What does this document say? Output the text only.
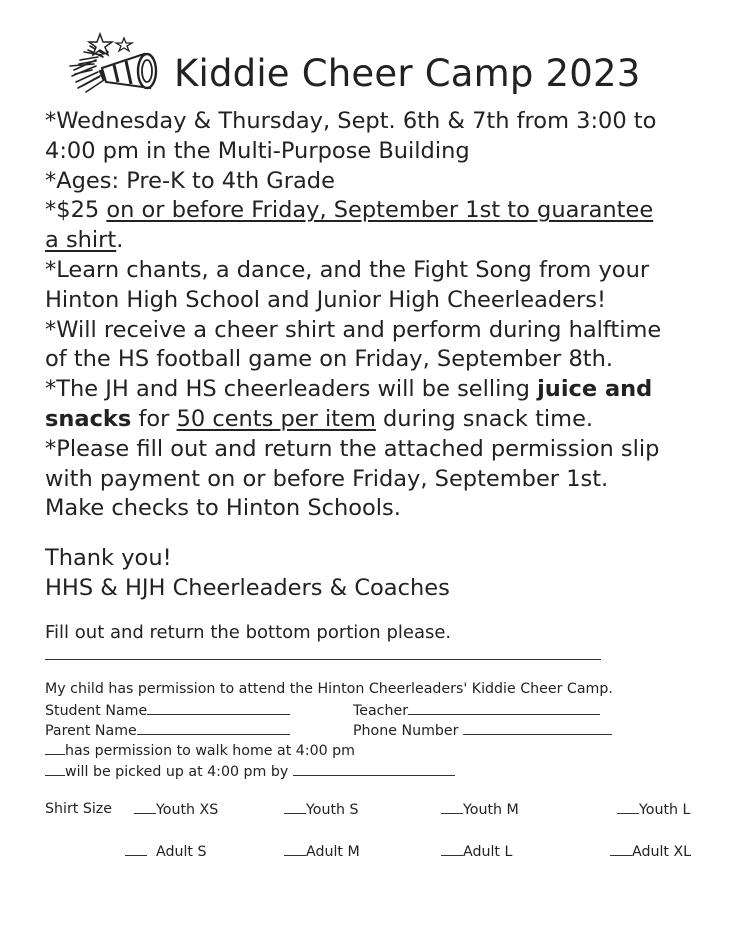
Kiddie Cheer Camp 2023
*Wednesday & Thursday, Sept. 6th & 7th from 3:00 to
4:00 pm in the Multi-Purpose Building
*Ages: Pre-K to 4th Grade
*$25 on or before Friday, September 1st to guarantee
a shirt.
*Learn chants, a dance, and the Fight Song from your
Hinton High School and Junior High Cheerleaders!
*Will receive a cheer shirt and perform during halftime
of the HS football game on Friday, September 8th.
*The JH and HS cheerleaders will be selling juice and
snacks for 50 cents per item during snack time.
*Please fill out and return the attached permission slip
with payment on or before Friday, September 1st.
Make checks to Hinton Schools.
Thank you!
HHS & HJH Cheerleaders & Coaches
Fill out and return the bottom portion please.
My child has permission to attend the Hinton Cheerleaders' Kiddie Cheer Camp.
Student Name	Teacher
Parent Name	Phone Number
has permission to walk home at 4:00 pm
will be picked up at 4:00 pm by
Shirt Size	Youth XS	Youth S	Youth M	Youth L
Adult S	Adult M	Adult L	Adult XL
